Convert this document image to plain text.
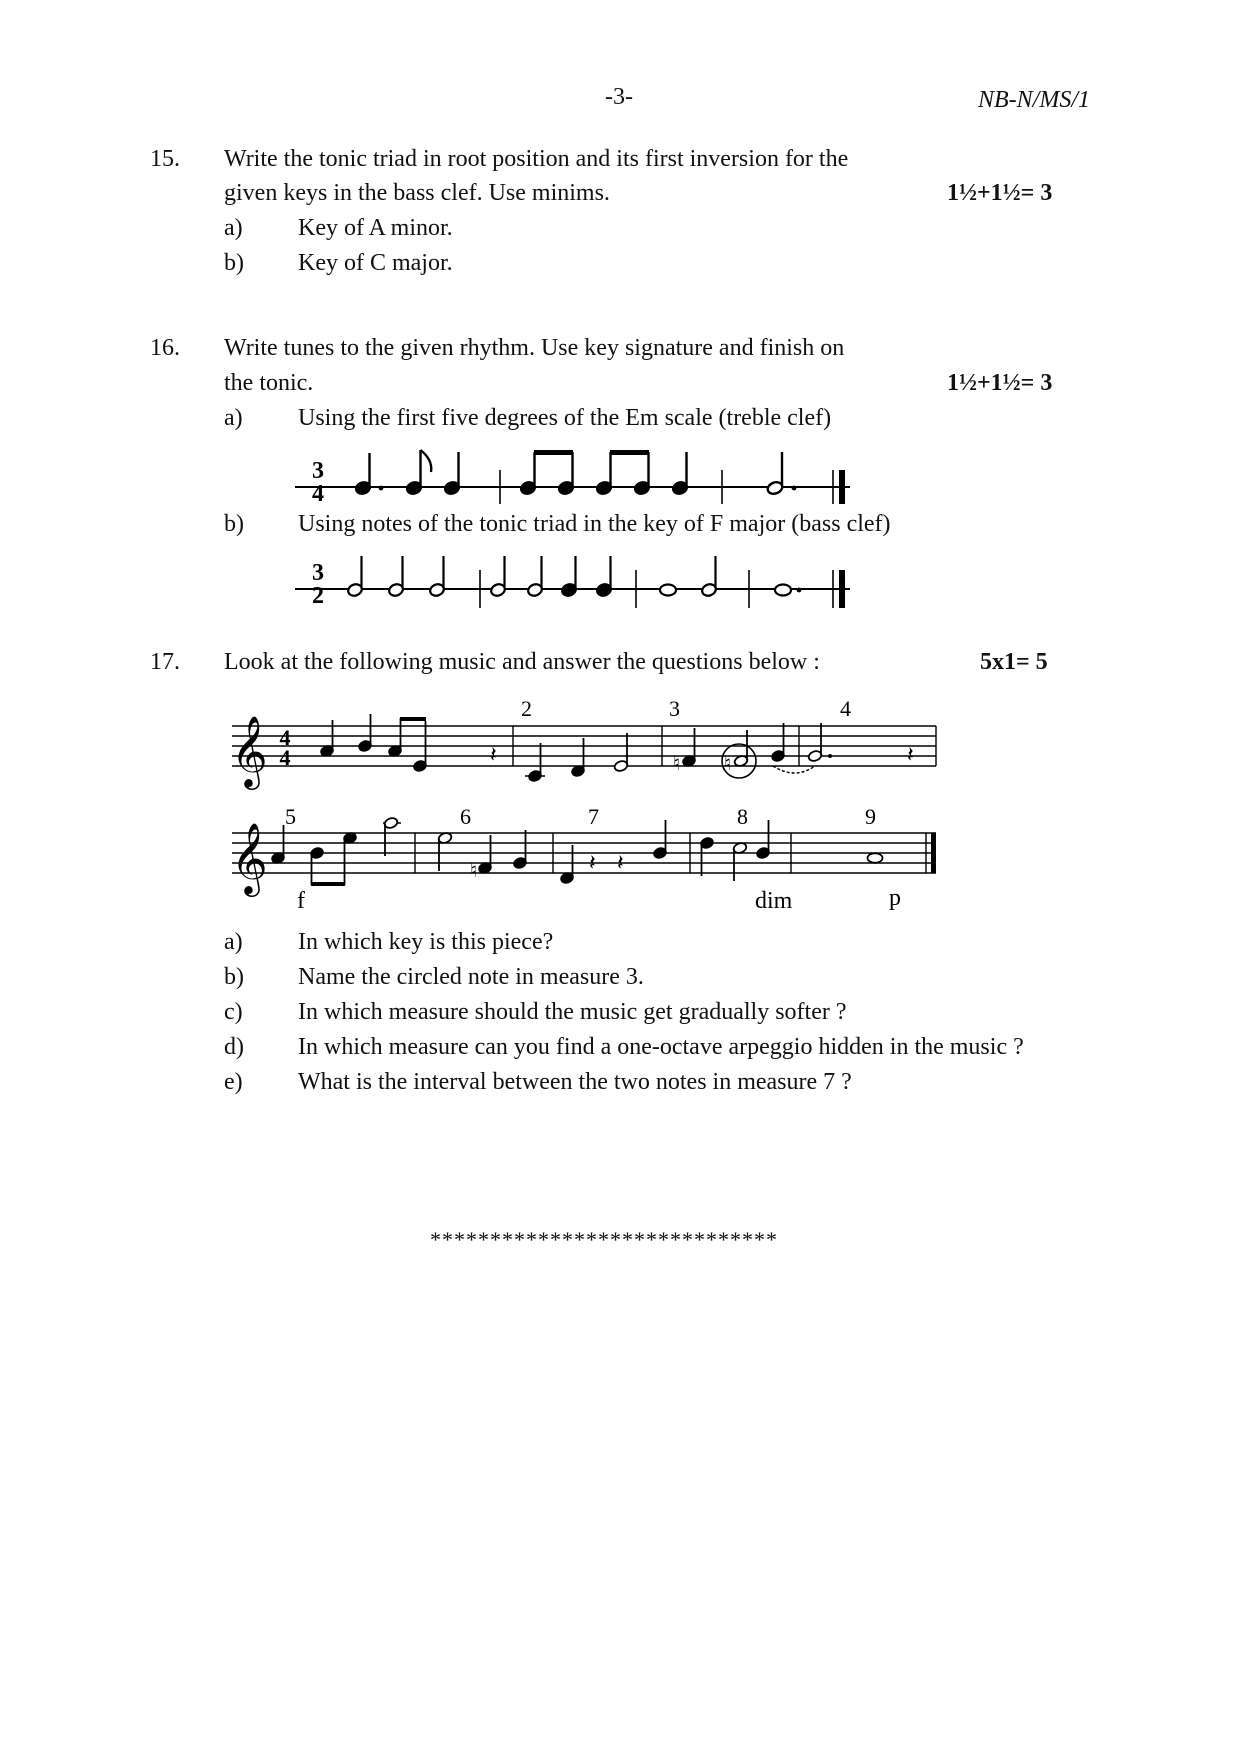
-3-	NB-N/MS/1
15. Write the tonic triad in root position and its first inversion for the
given keys in the bass clef. Use minims.	1½+1½= 3
a) Key of A minor.
b) Key of C major.
16. Write tunes to the given rhythm. Use key signature and finish on
the tonic.	1½+1½= 3
a) Using the first five degrees of the Em scale (treble clef)
3
4
b) Using notes of the tonic triad in the key of F major (bass clef)
3
2
17. Look at the following music and answer the questions below :	5x1= 5
𝄞
𝄞
4
4
2	3	4
5	6	7	8	9
𝄽	♮ ♮	𝄽
♮	𝄽 𝄽
f	dim	p
a) In which key is this piece?
b) Name the circled note in measure 3.
c) In which measure should the music get gradually softer ?
d) In which measure can you find a one-octave arpeggio hidden in the music ?
e) What is the interval between the two notes in measure 7 ?
*****************************
